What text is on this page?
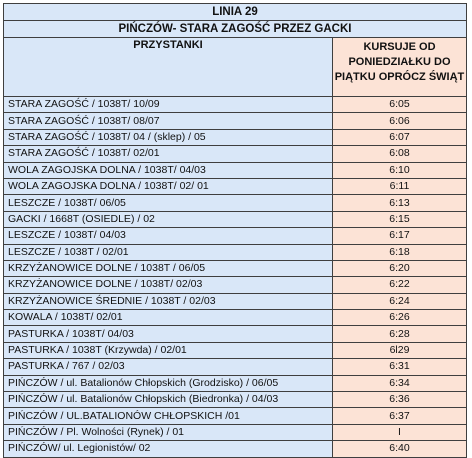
LINIA 29	
PIŃCZÓW- STARA ZAGOŚĆ PRZEZ GACKI	
PRZYSTANKI	KURSUJE OD
PONIEDZIAŁKU DO
PIĄTKU OPRÓCZ ŚWIĄT

STARA ZAGOŚĆ / 1038T/ 10/09	6:05
STARA ZAGOŚĆ / 1038T/ 08/07	6:06
STARA ZAGOŚĆ / 1038T/ 04 / (sklep) / 05	6:07
STARA ZAGOŚĆ / 1038T/ 02/01	6:08
WOLA ZAGOJSKA DOLNA / 1038T/ 04/03	6:10
WOLA ZAGOJSKA DOLNA / 1038T/ 02/ 01	6:11
LESZCZE / 1038T/ 06/05	6:13
GACKI / 1668T (OSIEDLE) / 02	6:15
LESZCZE / 1038T/ 04/03	6:17
LESZCZE / 1038T / 02/01	6:18
KRZYŻANOWICE DOLNE / 1038T / 06/05	6:20
KRZYŻANOWICE DOLNE / 1038T/ 02/03	6:22
KRZYŻANOWICE ŚREDNIE / 1038T / 02/03	6:24
KOWALA / 1038T/ 02/01	6:26
PASTURKA / 1038T/ 04/03	6:28
PASTURKA / 1038T (Krzywda) / 02/01	6l29
PASTURKA / 767 / 02/03	6:31
PIŃCZÓW / ul. Batalionów Chłopskich (Grodzisko) / 06/05	6:34
PIŃCZÓW / ul. Batalionów Chłopskich (Biedronka) / 04/03	6:36
PIŃCZÓW / UL.BATALIONÓW CHŁOPSKICH /01	6:37
PIŃCZÓW / Pl. Wolności (Rynek) / 01	I
PIŃCZÓW/ ul. Legionistów/ 02	6:40
